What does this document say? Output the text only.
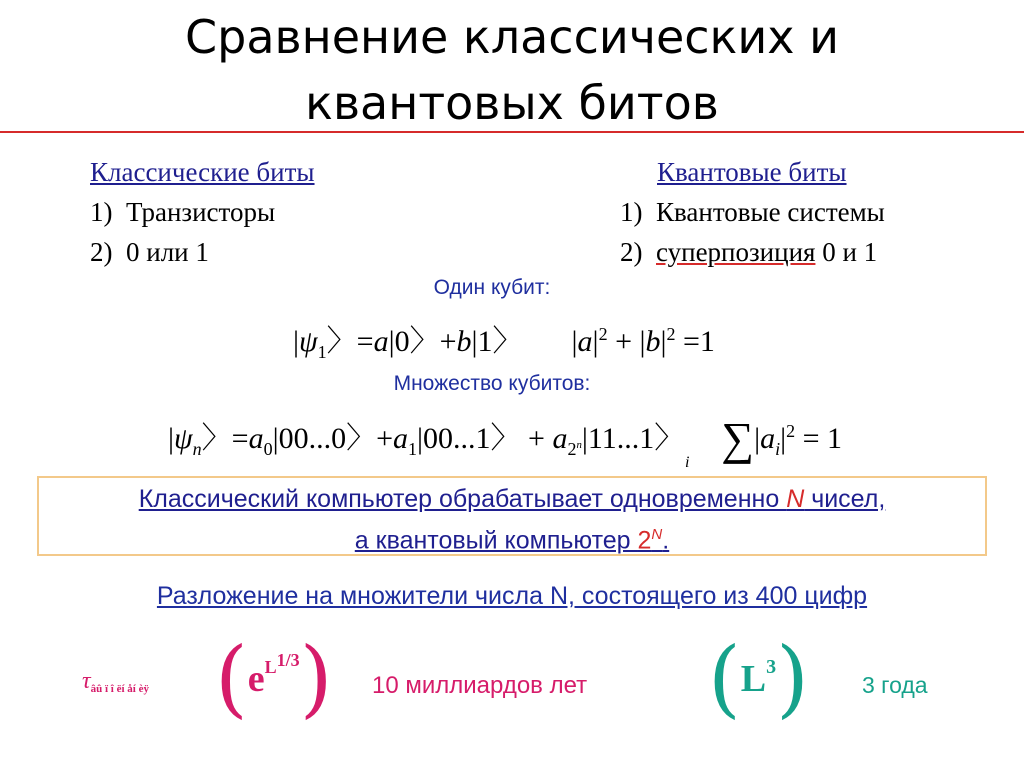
Сравнение классических и
квантовых битов
Классические биты
1) Транзисторы
2) 0 или 1
Квантовые биты
1) Квантовые системы
2) суперпозиция 0 и 1
Один кубит:
$|\psi_1$〉=a|0〉+b|1〉 $|a|^2 + |b|^2 =1$
Множество кубитов:
$|\psi_n$〉$=a_0|00...0$〉$+a_1|00...1$〉 + $a_{2^n}|11...1$〉 $\sum|a_i|^2 = 1$
i
Классический компьютер обрабатывает одновременно N чисел,
а квантовый компьютер $2^N$.
Разложение на множители числа N, состоящего из 400 цифр
$\tau_{âû ï î ëí åí èÿ}$ $(e^{L^{1/3}})$ 10 миллиардов лет $(L^3)$ 3 года
